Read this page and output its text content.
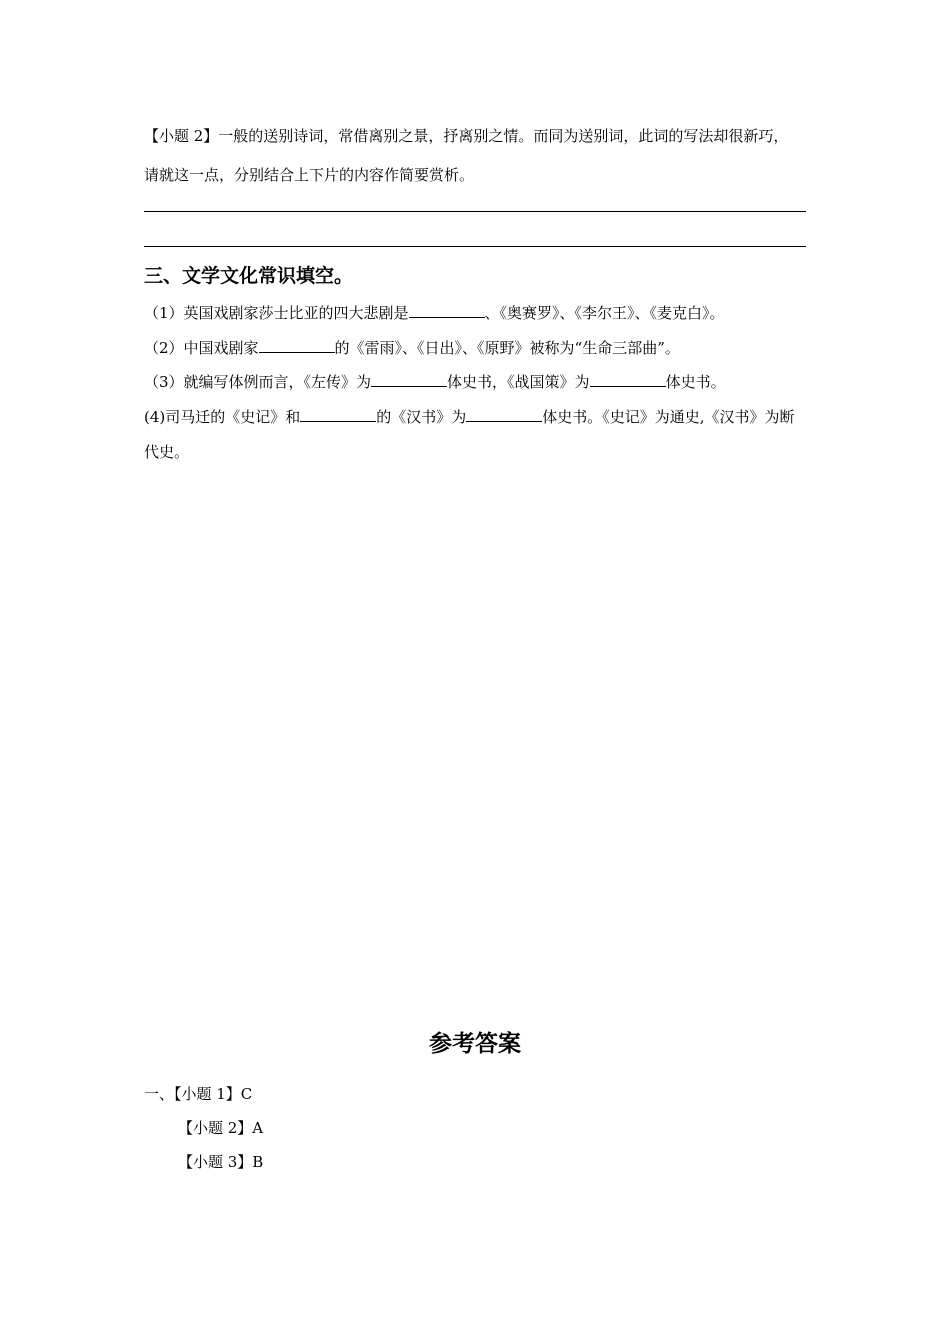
【小题 2】一般的送别诗词，常借离别之景，抒离别之情。而同为送别词，此词的写法却很新巧，
请就这一点，分别结合上下片的内容作简要赏析。
三、文学文化常识填空。
（1）英国戏剧家莎士比亚的四大悲剧是	、《奥赛罗》、《李尔王》、《麦克白》。
（2）中国戏剧家	的《雷雨》、《日出》、《原野》被称为“生命三部曲”。
（3）就编写体例而言，《左传》为	体史书，《战国策》为	体史书。
(4)司马迁的《史记》和	的《汉书》为	体史书。《史记》为通史,《汉书》为断
代史。
参考答案
一、【小题 1】C
【小题 2】A
【小题 3】B
